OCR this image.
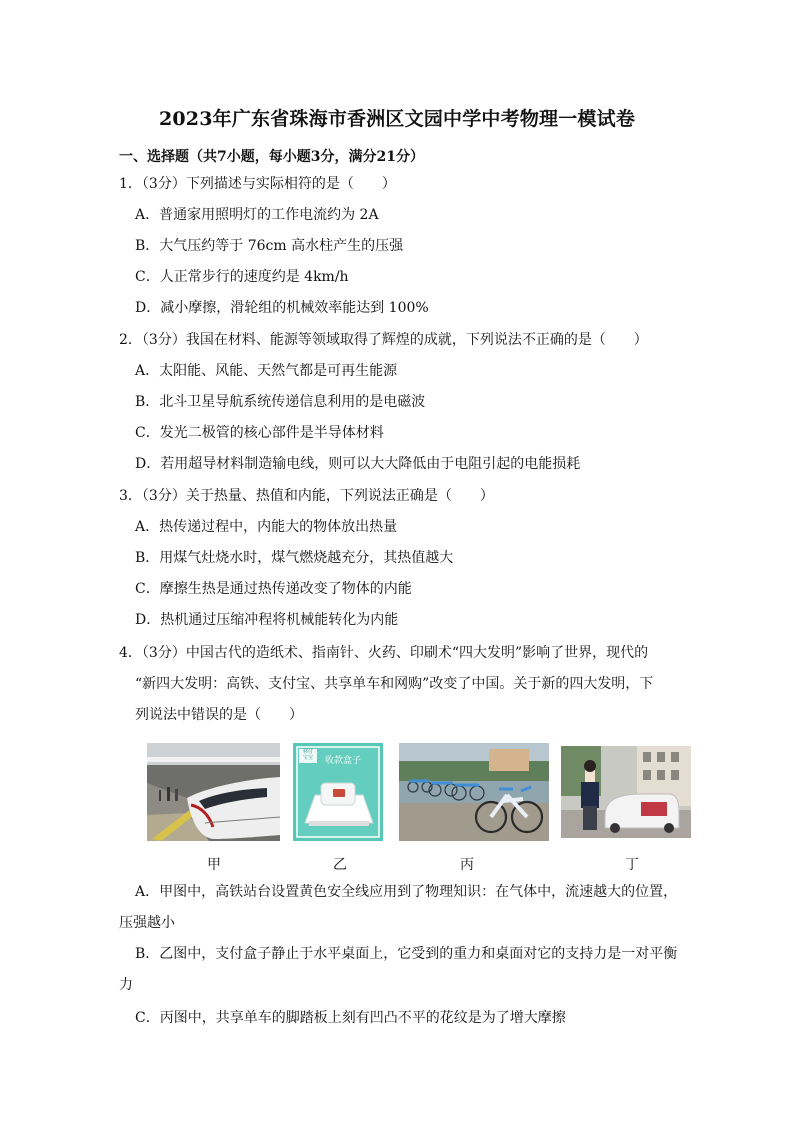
2023年广东省珠海市香洲区文园中学中考物理一模试卷
一、选择题（共7小题，每小题3分，满分21分）
1．（3分）下列描述与实际相符的是（　　）
A．普通家用照明灯的工作电流约为 2A
B．大气压约等于 76cm 高水柱产生的压强
C．人正常步行的速度约是 4km/h
D．减小摩擦，滑轮组的机械效率能达到 100%
2．（3分）我国在材料、能源等领域取得了辉煌的成就，下列说法不正确的是（　　）
A．太阳能、风能、天然气都是可再生能源
B．北斗卫星导航系统传递信息利用的是电磁波
C．发光二极管的核心部件是半导体材料
D．若用超导材料制造输电线，则可以大大降低由于电阻引起的电能损耗
3．（3分）关于热量、热值和内能，下列说法正确是（　　）
A．热传递过程中，内能大的物体放出热量
B．用煤气灶烧水时，煤气燃烧越充分，其热值越大
C．摩擦生热是通过热传递改变了物体的内能
D．热机通过压缩冲程将机械能转化为内能
4．（3分）中国古代的造纸术、指南针、火药、印刷术“四大发明”影响了世界，现代的
“新四大发明：高铁、支付宝、共享单车和网购”改变了中国。关于新的四大发明，下
列说法中错误的是（　　）
移付
宝宝	收款盒子
甲	乙	丙	丁
A．甲图中，高铁站台设置黄色安全线应用到了物理知识：在气体中，流速越大的位置，
压强越小
B．乙图中，支付盒子静止于水平桌面上，它受到的重力和桌面对它的支持力是一对平衡
力
C．丙图中，共享单车的脚踏板上刻有凹凸不平的花纹是为了增大摩擦
